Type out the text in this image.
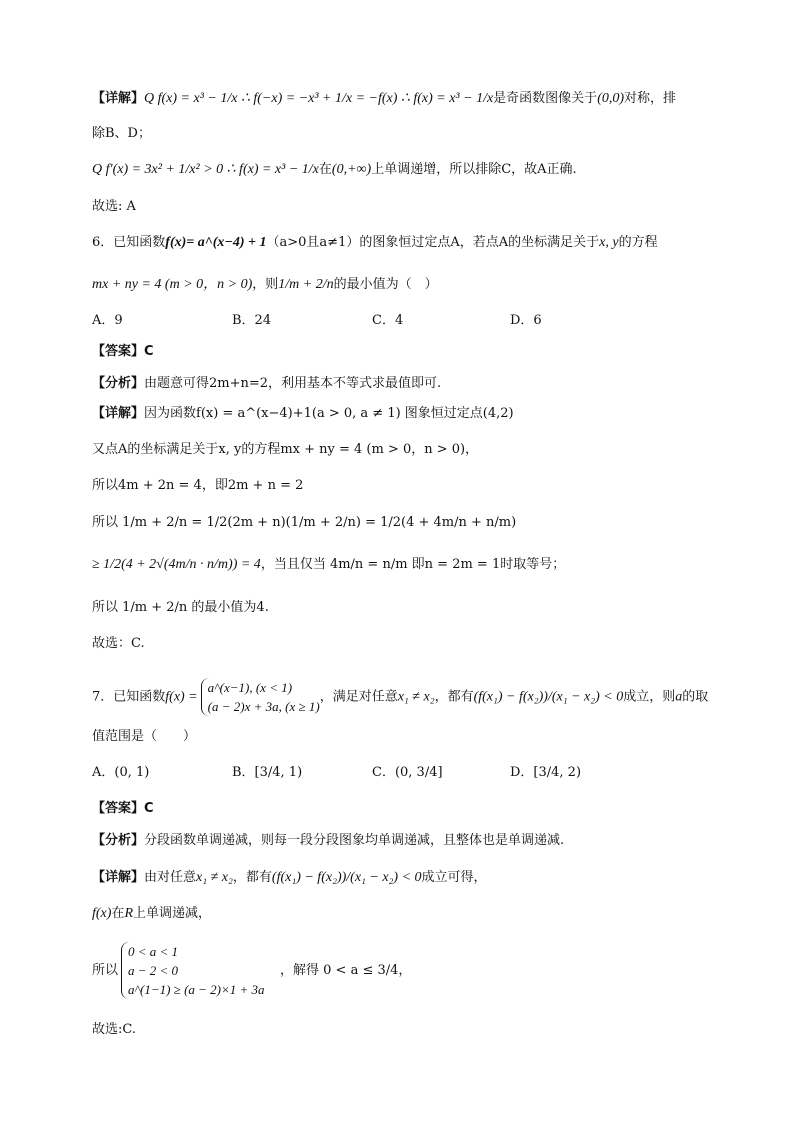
【详解】Q f(x) = x³ − 1/x ∴ f(−x) = −x³ + 1/x = −f(x) ∴ f(x) = x³ − 1/x是奇函数图像关于(0,0)对称，排
除B、D；
Q f′(x) = 3x² + 1/x² > 0 ∴ f(x) = x³ − 1/x在(0,+∞)上单调递增，所以排除C，故A正确.
故选: A
6．已知函数f(x)= a^(x−4) + 1（a>0且a≠1）的图象恒过定点A，若点A的坐标满足关于x, y的方程
mx + ny = 4 (m > 0，n > 0)，则1/m + 2/n的最小值为（　）
A．9	B．24	C．4	D．6
【答案】C
【分析】由题意可得2m+n=2，利用基本不等式求最值即可.
【详解】因为函数f(x) = a^(x−4)+1(a > 0, a ≠ 1) 图象恒过定点(4,2)
又点A的坐标满足关于x, y的方程mx + ny = 4 (m > 0，n > 0)，
所以4m + 2n = 4，即2m + n = 2
所以 1/m + 2/n = 1/2(2m + n)(1/m + 2/n) = 1/2(4 + 4m/n + n/m)
≥ 1/2(4 + 2√(4m/n · n/m)) = 4，当且仅当 4m/n = n/m 即n = 2m = 1时取等号；
所以 1/m + 2/n 的最小值为4.
故选：C.
7．已知函数f(x) =
a^(x−1), (x < 1)
(a − 2)x + 3a, (x ≥ 1)
，满足对任意x₁ ≠ x₂，都有(f(x₁) − f(x₂))/(x₁ − x₂) < 0成立，则a的取
值范围是（　　）
A．(0, 1)	B．[3/4, 1)	C．(0, 3/4]	D．[3/4, 2)
【答案】C
【分析】分段函数单调递减，则每一段分段图象均单调递减，且整体也是单调递减.
【详解】由对任意x₁ ≠ x₂，都有(f(x₁) − f(x₂))/(x₁ − x₂) < 0成立可得，
f(x)在R上单调递减，
所以
0 < a < 1
a − 2 < 0
a^(1−1) ≥ (a − 2)×1 + 3a
，解得 0 < a ≤ 3/4，
故选:C.
